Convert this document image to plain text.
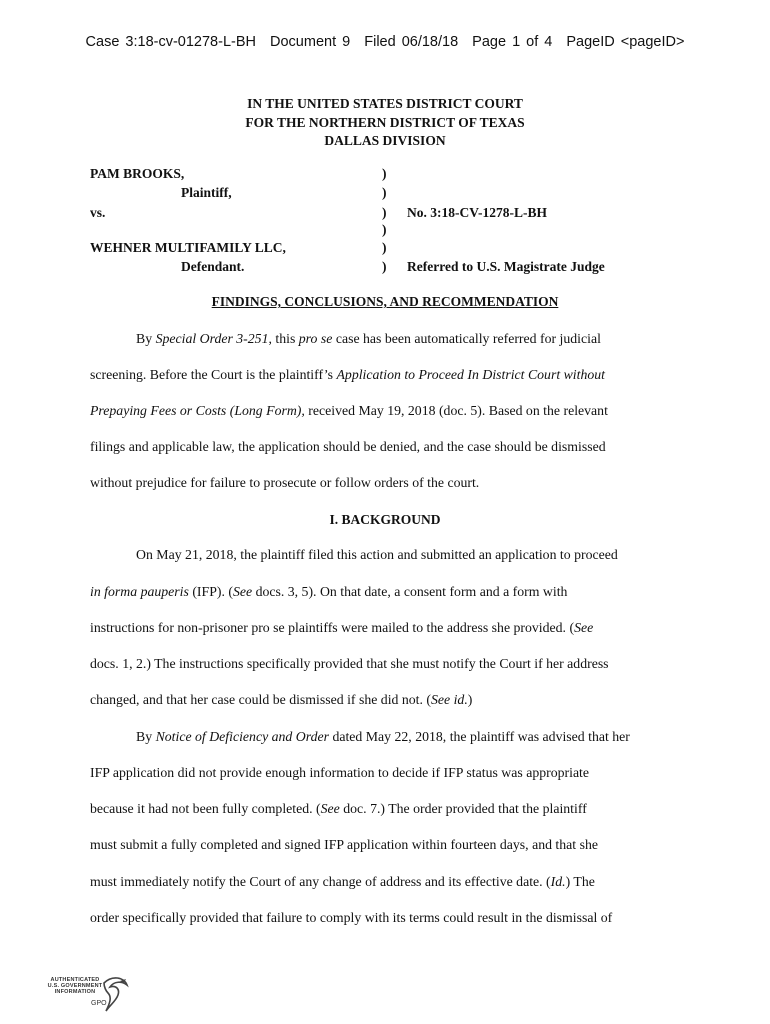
Case 3:18-cv-01278-L-BH Document 9 Filed 06/18/18 Page 1 of 4 PageID <pageID>
IN THE UNITED STATES DISTRICT COURT
FOR THE NORTHERN DISTRICT OF TEXAS
DALLAS DIVISION
PAM BROOKS,
Plaintiff,
vs.
WEHNER MULTIFAMILY LLC,
Defendant.
)
)
)
)
)
)
No. 3:18-CV-1278-L-BH
Referred to U.S. Magistrate Judge
FINDINGS, CONCLUSIONS, AND RECOMMENDATION
By Special Order 3-251, this pro se case has been automatically referred for judicial
screening. Before the Court is the plaintiff’s Application to Proceed In District Court without
Prepaying Fees or Costs (Long Form), received May 19, 2018 (doc. 5). Based on the relevant
filings and applicable law, the application should be denied, and the case should be dismissed
without prejudice for failure to prosecute or follow orders of the court.
I. BACKGROUND
On May 21, 2018, the plaintiff filed this action and submitted an application to proceed
in forma pauperis (IFP). (See docs. 3, 5). On that date, a consent form and a form with
instructions for non-prisoner pro se plaintiffs were mailed to the address she provided. (See
docs. 1, 2.) The instructions specifically provided that she must notify the Court if her address
changed, and that her case could be dismissed if she did not. (See id.)
By Notice of Deficiency and Order dated May 22, 2018, the plaintiff was advised that her
IFP application did not provide enough information to decide if IFP status was appropriate
because it had not been fully completed. (See doc. 7.) The order provided that the plaintiff
must submit a fully completed and signed IFP application within fourteen days, and that she
must immediately notify the Court of any change of address and its effective date. (Id.) The
order specifically provided that failure to comply with its terms could result in the dismissal of
AUTHENTICATED
U.S. GOVERNMENT
INFORMATION
GPO
